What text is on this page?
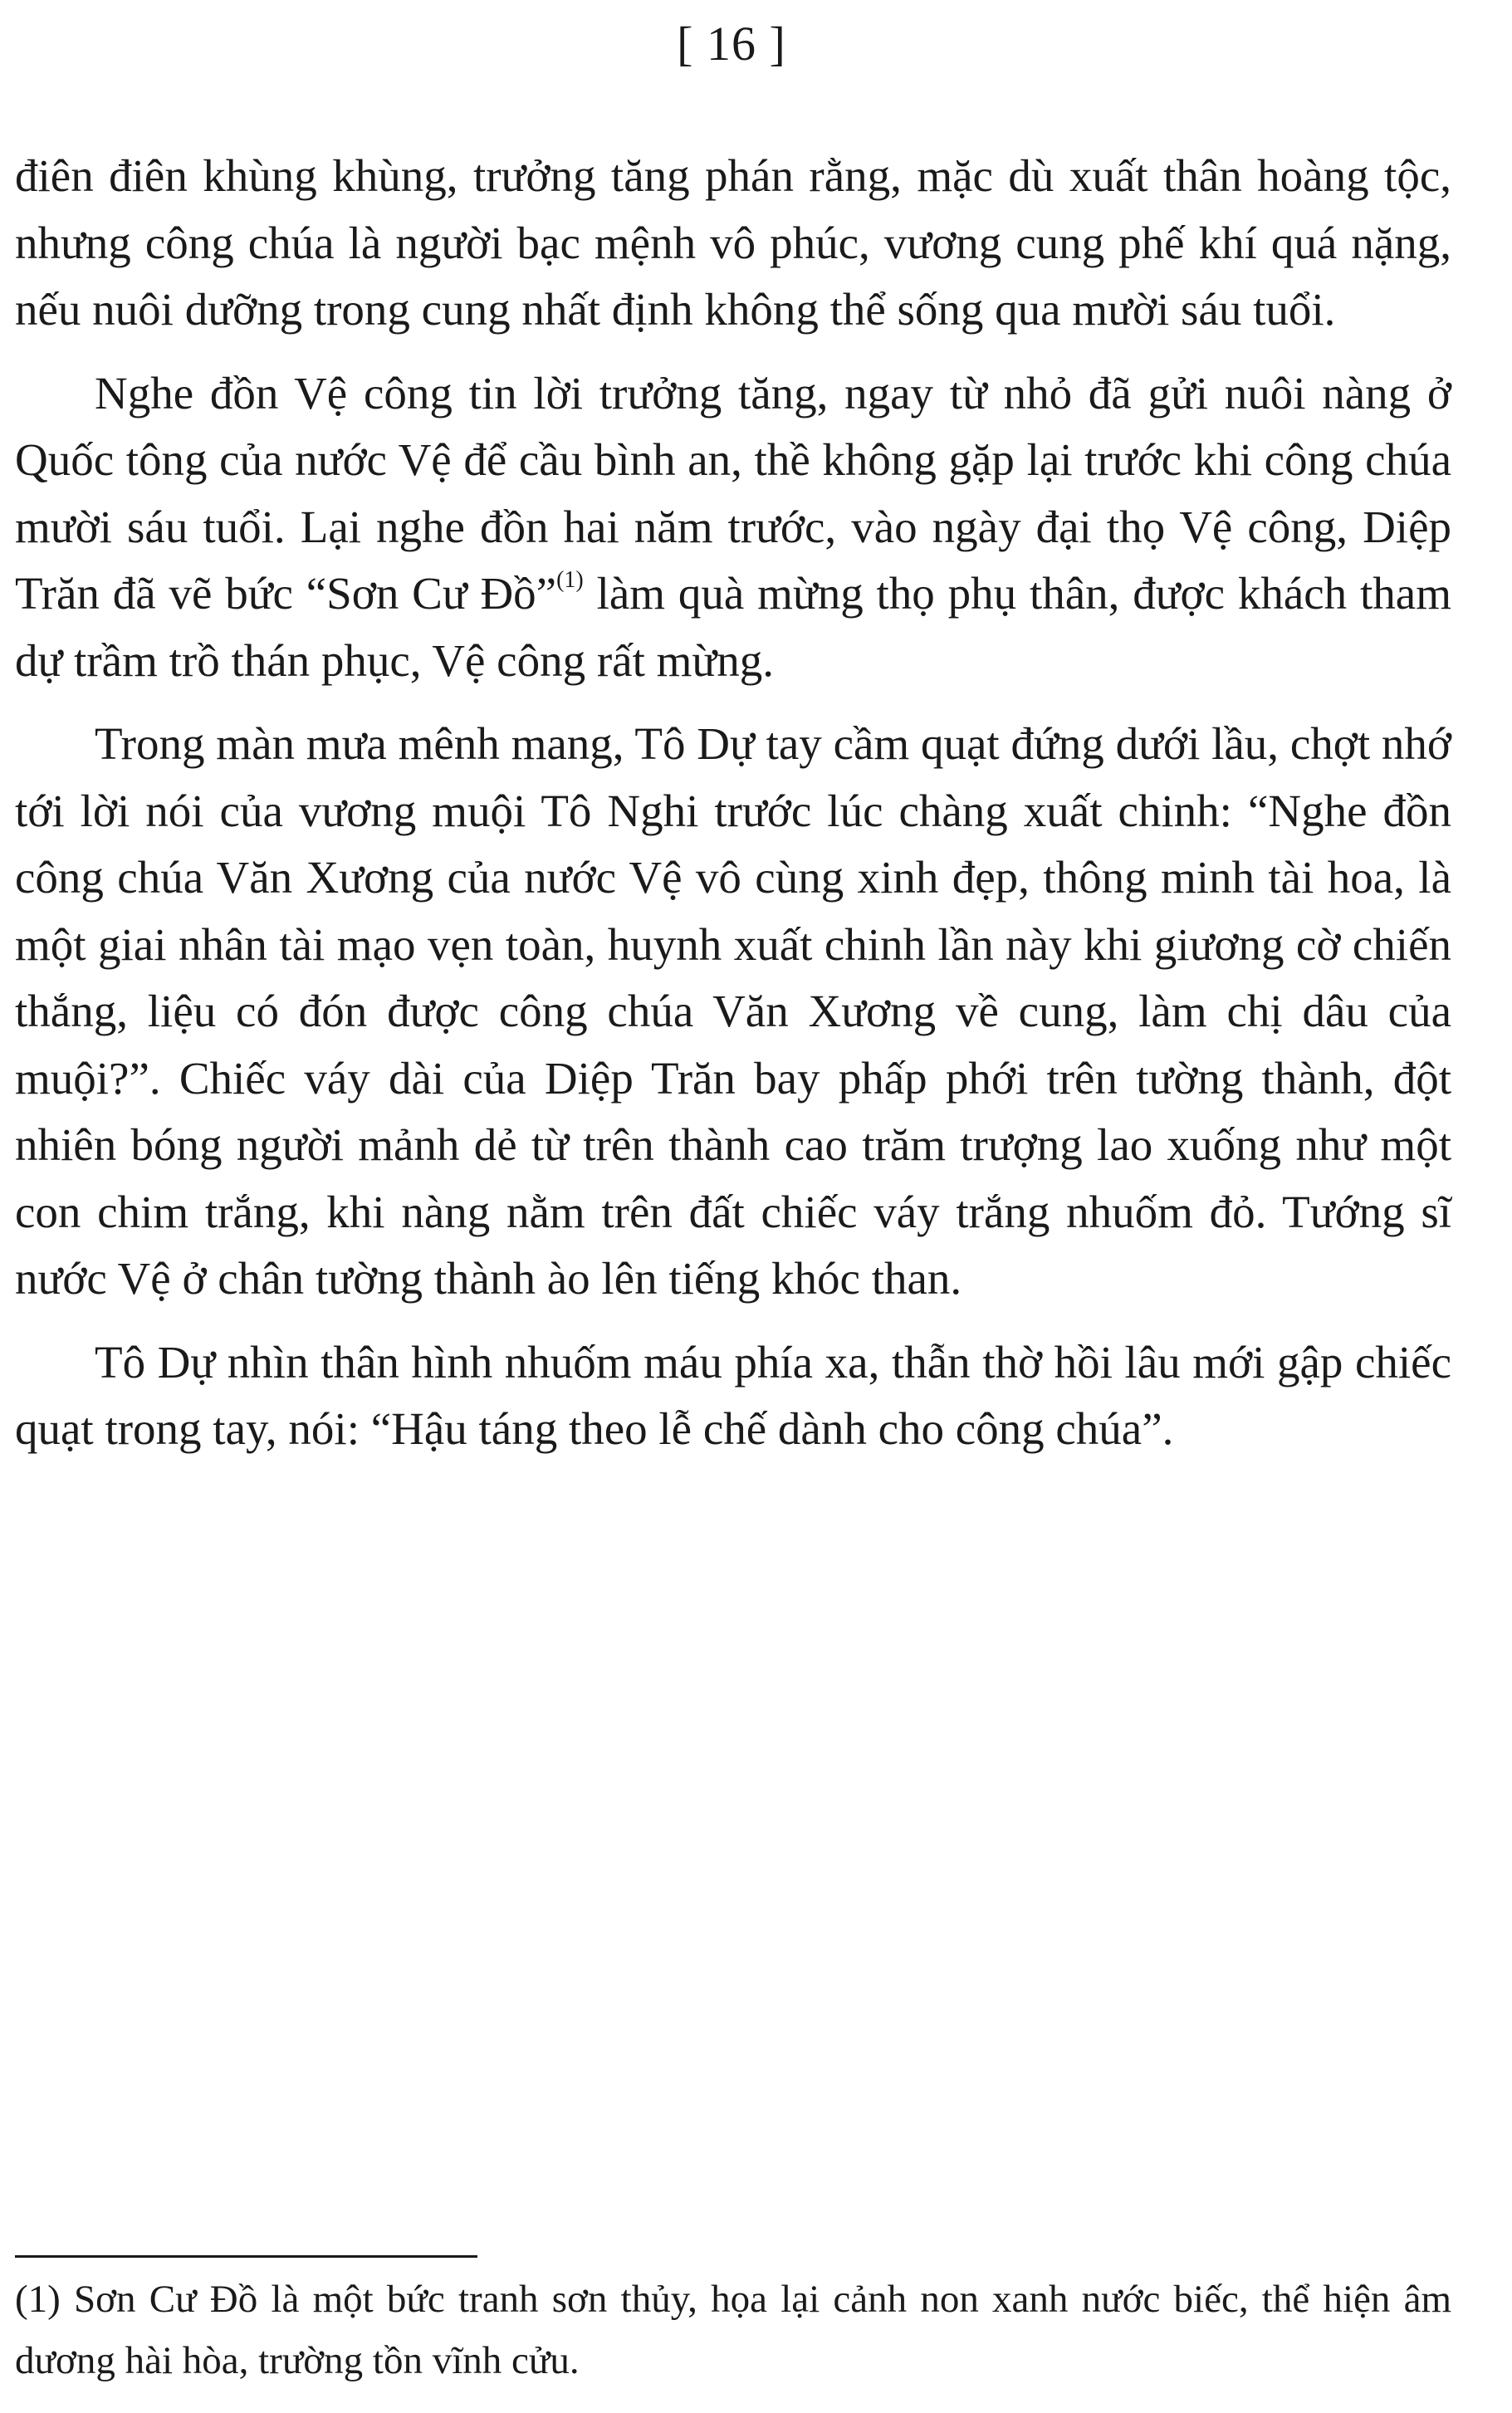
[ 16 ]

điên điên khùng khùng, trưởng tăng phán rằng, mặc dù xuất thân hoàng tộc, nhưng công chúa là người bạc mệnh vô phúc, vương cung phế khí quá nặng, nếu nuôi dưỡng trong cung nhất định không thể sống qua mười sáu tuổi.

Nghe đồn Vệ công tin lời trưởng tăng, ngay từ nhỏ đã gửi nuôi nàng ở Quốc tông của nước Vệ để cầu bình an, thề không gặp lại trước khi công chúa mười sáu tuổi. Lại nghe đồn hai năm trước, vào ngày đại thọ Vệ công, Diệp Trăn đã vẽ bức “Sơn Cư Đồ”$^{(1)}$ làm quà mừng thọ phụ thân, được khách tham dự trầm trồ thán phục, Vệ công rất mừng.

Trong màn mưa mênh mang, Tô Dự tay cầm quạt đứng dưới lầu, chợt nhớ tới lời nói của vương muội Tô Nghi trước lúc chàng xuất chinh: “Nghe đồn công chúa Văn Xương của nước Vệ vô cùng xinh đẹp, thông minh tài hoa, là một giai nhân tài mạo vẹn toàn, huynh xuất chinh lần này khi giương cờ chiến thắng, liệu có đón được công chúa Văn Xương về cung, làm chị dâu của muội?”. Chiếc váy dài của Diệp Trăn bay phấp phới trên tường thành, đột nhiên bóng người mảnh dẻ từ trên thành cao trăm trượng lao xuống như một con chim trắng, khi nàng nằm trên đất chiếc váy trắng nhuốm đỏ. Tướng sĩ nước Vệ ở chân tường thành ào lên tiếng khóc than.

Tô Dự nhìn thân hình nhuốm máu phía xa, thẫn thờ hồi lâu mới gập chiếc quạt trong tay, nói: “Hậu táng theo lễ chế dành cho công chúa”.

(1) Sơn Cư Đồ là một bức tranh sơn thủy, họa lại cảnh non xanh nước biếc, thể hiện âm dương hài hòa, trường tồn vĩnh cửu.
